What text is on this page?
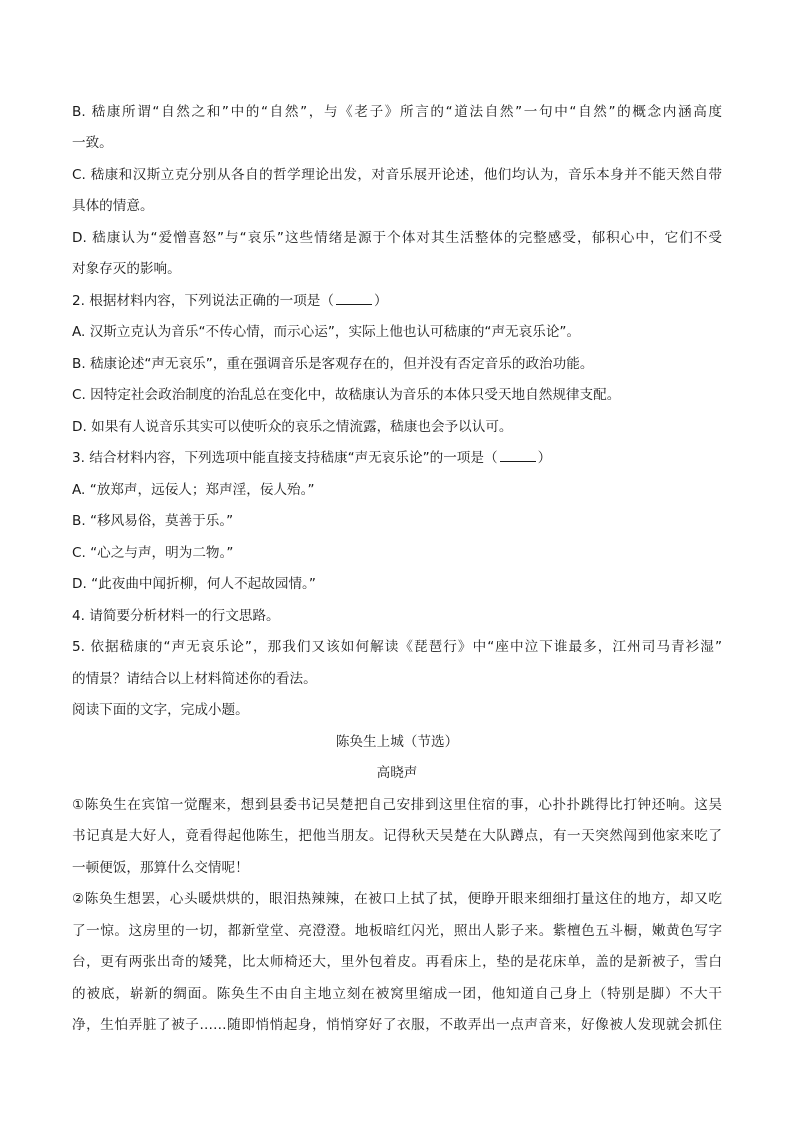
B. 嵇康所谓“自然之和”中的“自然”，与《老子》所言的“道法自然”一句中“自然”的概念内涵高度
一致。
C. 嵇康和汉斯立克分别从各自的哲学理论出发，对音乐展开论述，他们均认为，音乐本身并不能天然自带
具体的情意。
D. 嵇康认为“爱憎喜怒”与“哀乐”这些情绪是源于个体对其生活整体的完整感受，郁积心中，它们不受
对象存灭的影响。
2. 根据材料内容，下列说法正确的一项是（	）
A. 汉斯立克认为音乐“不传心情，而示心运”，实际上他也认可嵇康的“声无哀乐论”。
B. 嵇康论述“声无哀乐”，重在强调音乐是客观存在的，但并没有否定音乐的政治功能。
C. 因特定社会政治制度的治乱总在变化中，故嵇康认为音乐的本体只受天地自然规律支配。
D. 如果有人说音乐其实可以使听众的哀乐之情流露，嵇康也会予以认可。
3. 结合材料内容，下列选项中能直接支持嵇康“声无哀乐论”的一项是（	）
A. “放郑声，远佞人；郑声淫，佞人殆。”
B. “移风易俗，莫善于乐。”
C. “心之与声，明为二物。”
D. “此夜曲中闻折柳，何人不起故园情。”
4. 请简要分析材料一的行文思路。
5. 依据嵇康的“声无哀乐论”，那我们又该如何解读《琵琶行》中“座中泣下谁最多，江州司马青衫湿”
的情景？请结合以上材料简述你的看法。
阅读下面的文字，完成小题。
陈奂生上城（节选）
高晓声
①陈奂生在宾馆一觉醒来，想到县委书记吴楚把自己安排到这里住宿的事，心扑扑跳得比打钟还响。这吴
书记真是大好人，竟看得起他陈生，把他当朋友。记得秋天吴楚在大队蹲点，有一天突然闯到他家来吃了
一顿便饭，那算什么交情呢！
②陈奂生想罢，心头暖烘烘的，眼泪热辣辣，在被口上拭了拭，便睁开眼来细细打量这住的地方，却又吃
了一惊。这房里的一切，都新堂堂、亮澄澄。地板暗红闪光，照出人影子来。紫檀色五斗橱，嫩黄色写字
台，更有两张出奇的矮凳，比太师椅还大，里外包着皮。再看床上，垫的是花床单，盖的是新被子，雪白
的被底，崭新的绸面。陈奂生不由自主地立刻在被窝里缩成一团，他知道自己身上（特别是脚）不大干
净，生怕弄脏了被子……随即悄悄起身，悄悄穿好了衣服，不敢弄出一点声音来，好像被人发现就会抓住
